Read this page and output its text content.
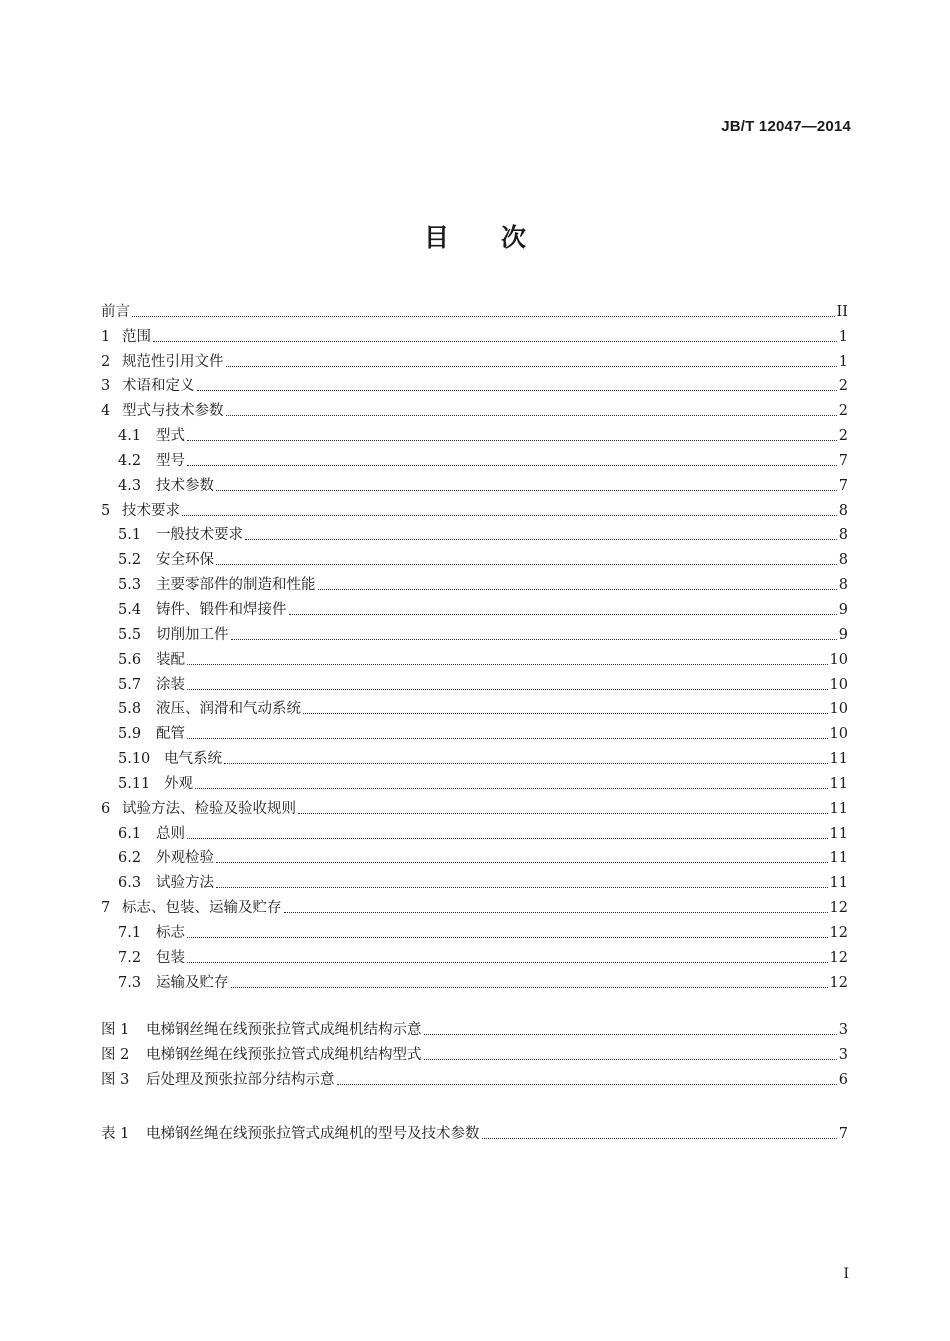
JB/T 12047—2014
目 次
前言	II
1 范围	1
2 规范性引用文件	1
3 术语和定义	2
4 型式与技术参数	2
4.1	型式	2
4.2	型号	7
4.3	技术参数	7
5 技术要求	8
5.1	一般技术要求	8
5.2	安全环保	8
5.3	主要零部件的制造和性能	8
5.4	铸件、锻件和焊接件	9
5.5	切削加工件	9
5.6	装配	10
5.7	涂装	10
5.8	液压、润滑和气动系统	10
5.9	配管	10
5.10 电气系统	11
5.11 外观	11
6 试验方法、检验及验收规则	11
6.1	总则	11
6.2	外观检验	11
6.3	试验方法	11
7 标志、包装、运输及贮存	12
7.1	标志	12
7.2	包装	12
7.3	运输及贮存	12
图 1	电梯钢丝绳在线预张拉管式成绳机结构示意	3
图 2	电梯钢丝绳在线预张拉管式成绳机结构型式	3
图 3	后处理及预张拉部分结构示意	6
表 1	电梯钢丝绳在线预张拉管式成绳机的型号及技术参数	7
I
